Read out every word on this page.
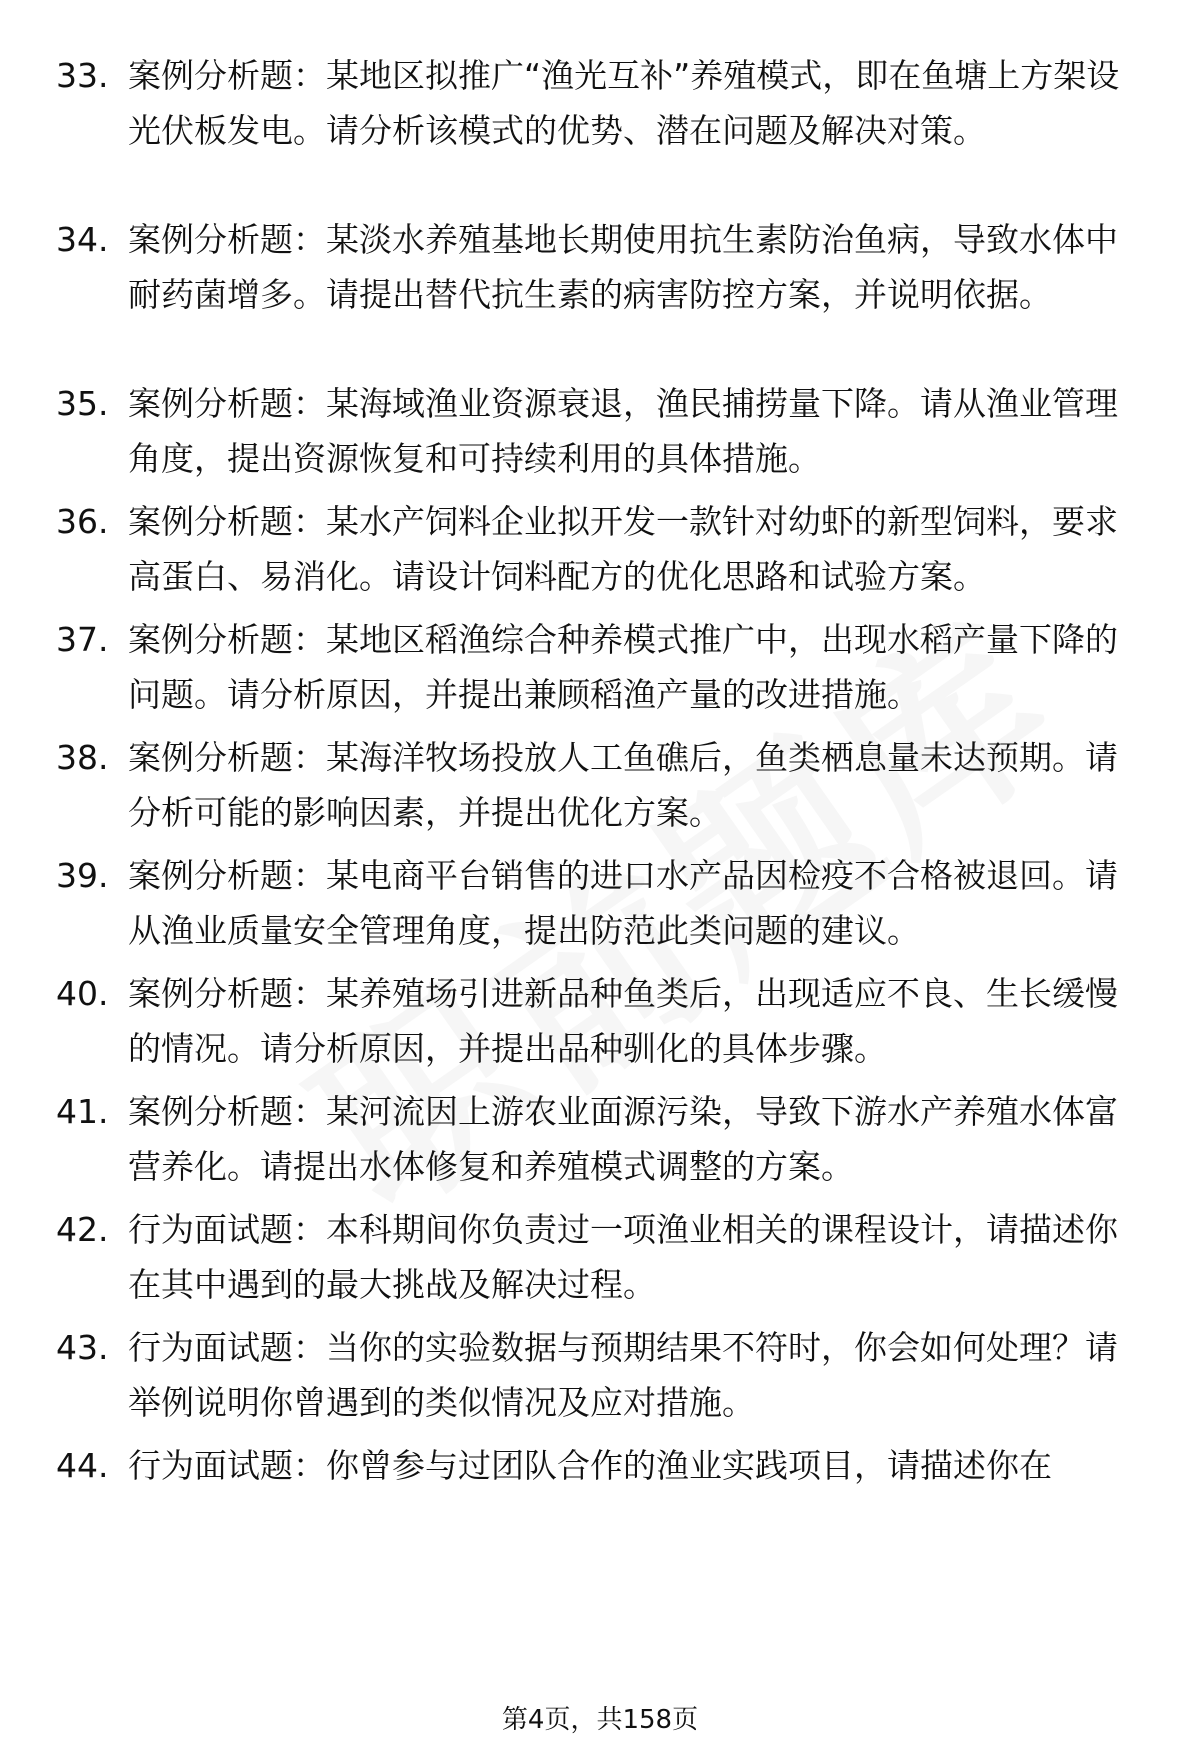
33. 案例分析题：某地区拟推广“渔光互补”养殖模式，即在鱼塘上方架设光伏板发电。请分析该模式的优势、潜在问题及解决对策。
34. 案例分析题：某淡水养殖基地长期使用抗生素防治鱼病，导致水体中耐药菌增多。请提出替代抗生素的病害防控方案，并说明依据。
35. 案例分析题：某海域渔业资源衰退，渔民捕捞量下降。请从渔业管理角度，提出资源恢复和可持续利用的具体措施。
36. 案例分析题：某水产饲料企业拟开发一款针对幼虾的新型饲料，要求高蛋白、易消化。请设计饲料配方的优化思路和试验方案。
37. 案例分析题：某地区稻渔综合种养模式推广中，出现水稻产量下降的问题。请分析原因，并提出兼顾稻渔产量的改进措施。
38. 案例分析题：某海洋牧场投放人工鱼礁后，鱼类栖息量未达预期。请分析可能的影响因素，并提出优化方案。
39. 案例分析题：某电商平台销售的进口水产品因检疫不合格被退回。请从渔业质量安全管理角度，提出防范此类问题的建议。
40. 案例分析题：某养殖场引进新品种鱼类后，出现适应不良、生长缓慢的情况。请分析原因，并提出品种驯化的具体步骤。
41. 案例分析题：某河流因上游农业面源污染，导致下游水产养殖水体富营养化。请提出水体修复和养殖模式调整的方案。
42. 行为面试题：本科期间你负责过一项渔业相关的课程设计，请描述你在其中遇到的最大挑战及解决过程。
43. 行为面试题：当你的实验数据与预期结果不符时，你会如何处理？请举例说明你曾遇到的类似情况及应对措施。
44. 行为面试题：你曾参与过团队合作的渔业实践项目，请描述你在
第4页，共158页
